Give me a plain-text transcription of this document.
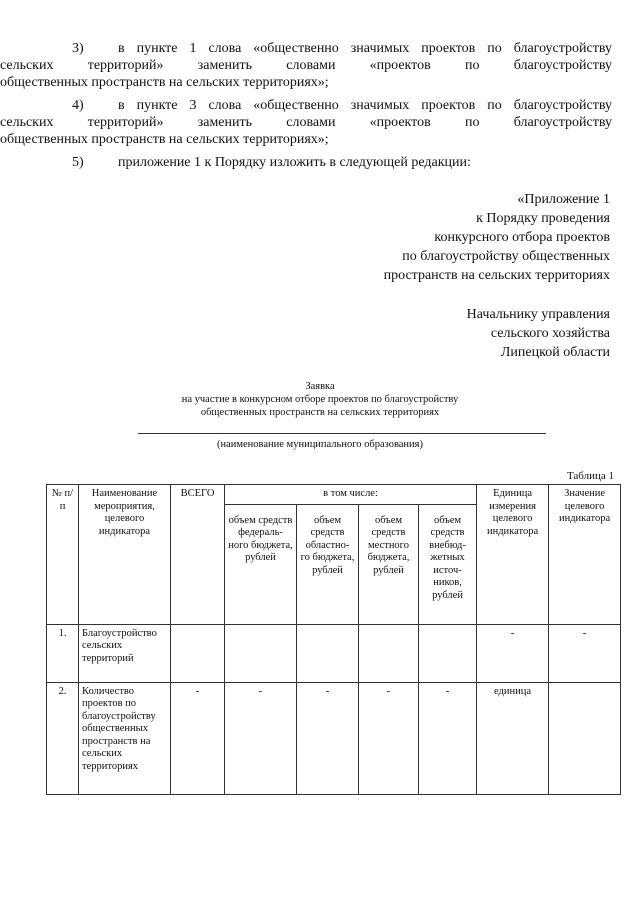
3) в пункте 1 слова «общественно значимых проектов по благоустройству
сельских территорий» заменить словами «проектов по благоустройству
общественных пространств на сельских территориях»;
4) в пункте 3 слова «общественно значимых проектов по благоустройству
сельских территорий» заменить словами «проектов по благоустройству
общественных пространств на сельских территориях»;
5) приложение 1 к Порядку изложить в следующей редакции:
«Приложение 1
к Порядку проведения
конкурсного отбора проектов
по благоустройству общественных
пространств на сельских территориях
Начальнику управления
сельского хозяйства
Липецкой области
Заявка
на участие в конкурсном отборе проектов по благоустройству
общественных пространств на сельских территориях
(наименование муниципального образования)
Таблица 1
№ п/п	Наименование мероприятия, целевого индикатора	ВСЕГО	в том числе:				Единица измерения целевого индикатора	Значение целевого индикатора
			объем средств федераль- ного бюджета, рублей	объем средств областно- го бюджета, рублей	объем средств местного бюджета, рублей	объем средств внебюд- жетных источ- ников, рублей		
1.	Благоустройство сельских территорий						-	-
2.	Количество проектов по благоустройству общественных пространств на сельских территориях	-	-	-	-	-	единица	
